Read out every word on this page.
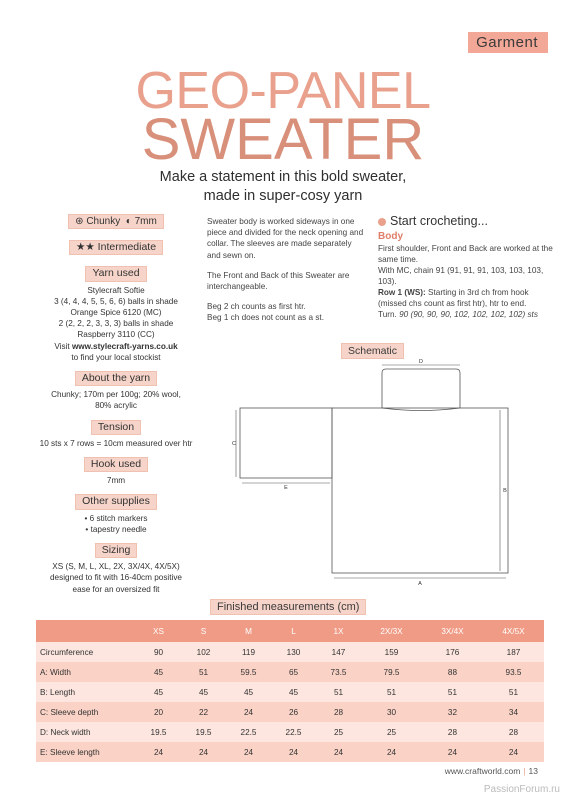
Garment
GEO-PANEL
SWEATER
Make a statement in this bold sweater,
made in super-cosy yarn
⊛ Chunky ◐ 7mm
★★ Intermediate
Yarn used

Stylecraft Softie

3 (4, 4, 4, 5, 5, 6, 6) balls in shade

Orange Spice 6120 (MC)

2 (2, 2, 2, 3, 3, 3) balls in shade

Raspberry 3110 (CC)

Visit www.stylecraft-yarns.co.uk

to find your local stockist

About the yarn

Chunky; 170m per 100g; 20% wool,

80% acrylic

Tension

10 sts x 7 rows = 10cm measured over htr

Hook used

7mm

Other supplies

• 6 stitch markers

• tapestry needle

Sizing

XS (S, M, L, XL, 2X, 3X/4X, 4X/5X)

designed to fit with 16-40cm positive

ease for an oversized fit

Sweater body is worked sideways in one piece and divided for the neck opening and collar. The sleeves are made separately and sewn on.

The Front and Back of this Sweater are interchangeable.

Beg 2 ch counts as first htr.

Beg 1 ch does not count as a st.

Start crocheting...
Body

First shoulder, Front and Back are worked at the same time.

With MC, chain 91 (91, 91, 91, 103, 103, 103, 103).

Row 1 (WS): Starting in 3rd ch from hook (missed chs count as first htr), htr to end.

Turn. 90 (90, 90, 90, 102, 102, 102, 102) sts

Schematic
D
C
E	B
A
Finished measurements (cm)
	XS	S	M	L	1X	2X/3X	3X/4X	4X/5X
Circumference	90	102	119	130	147	159	176	187
A: Width	45	51	59.5	65	73.5	79.5	88	93.5
B: Length	45	45	45	45	51	51	51	51
C: Sleeve depth	20	22	24	26	28	30	32	34
D: Neck width	19.5	19.5	22.5	22.5	25	25	28	28
E: Sleeve length	24	24	24	24	24	24	24	24
www.craftworld.com | 13
PassionForum.ru
